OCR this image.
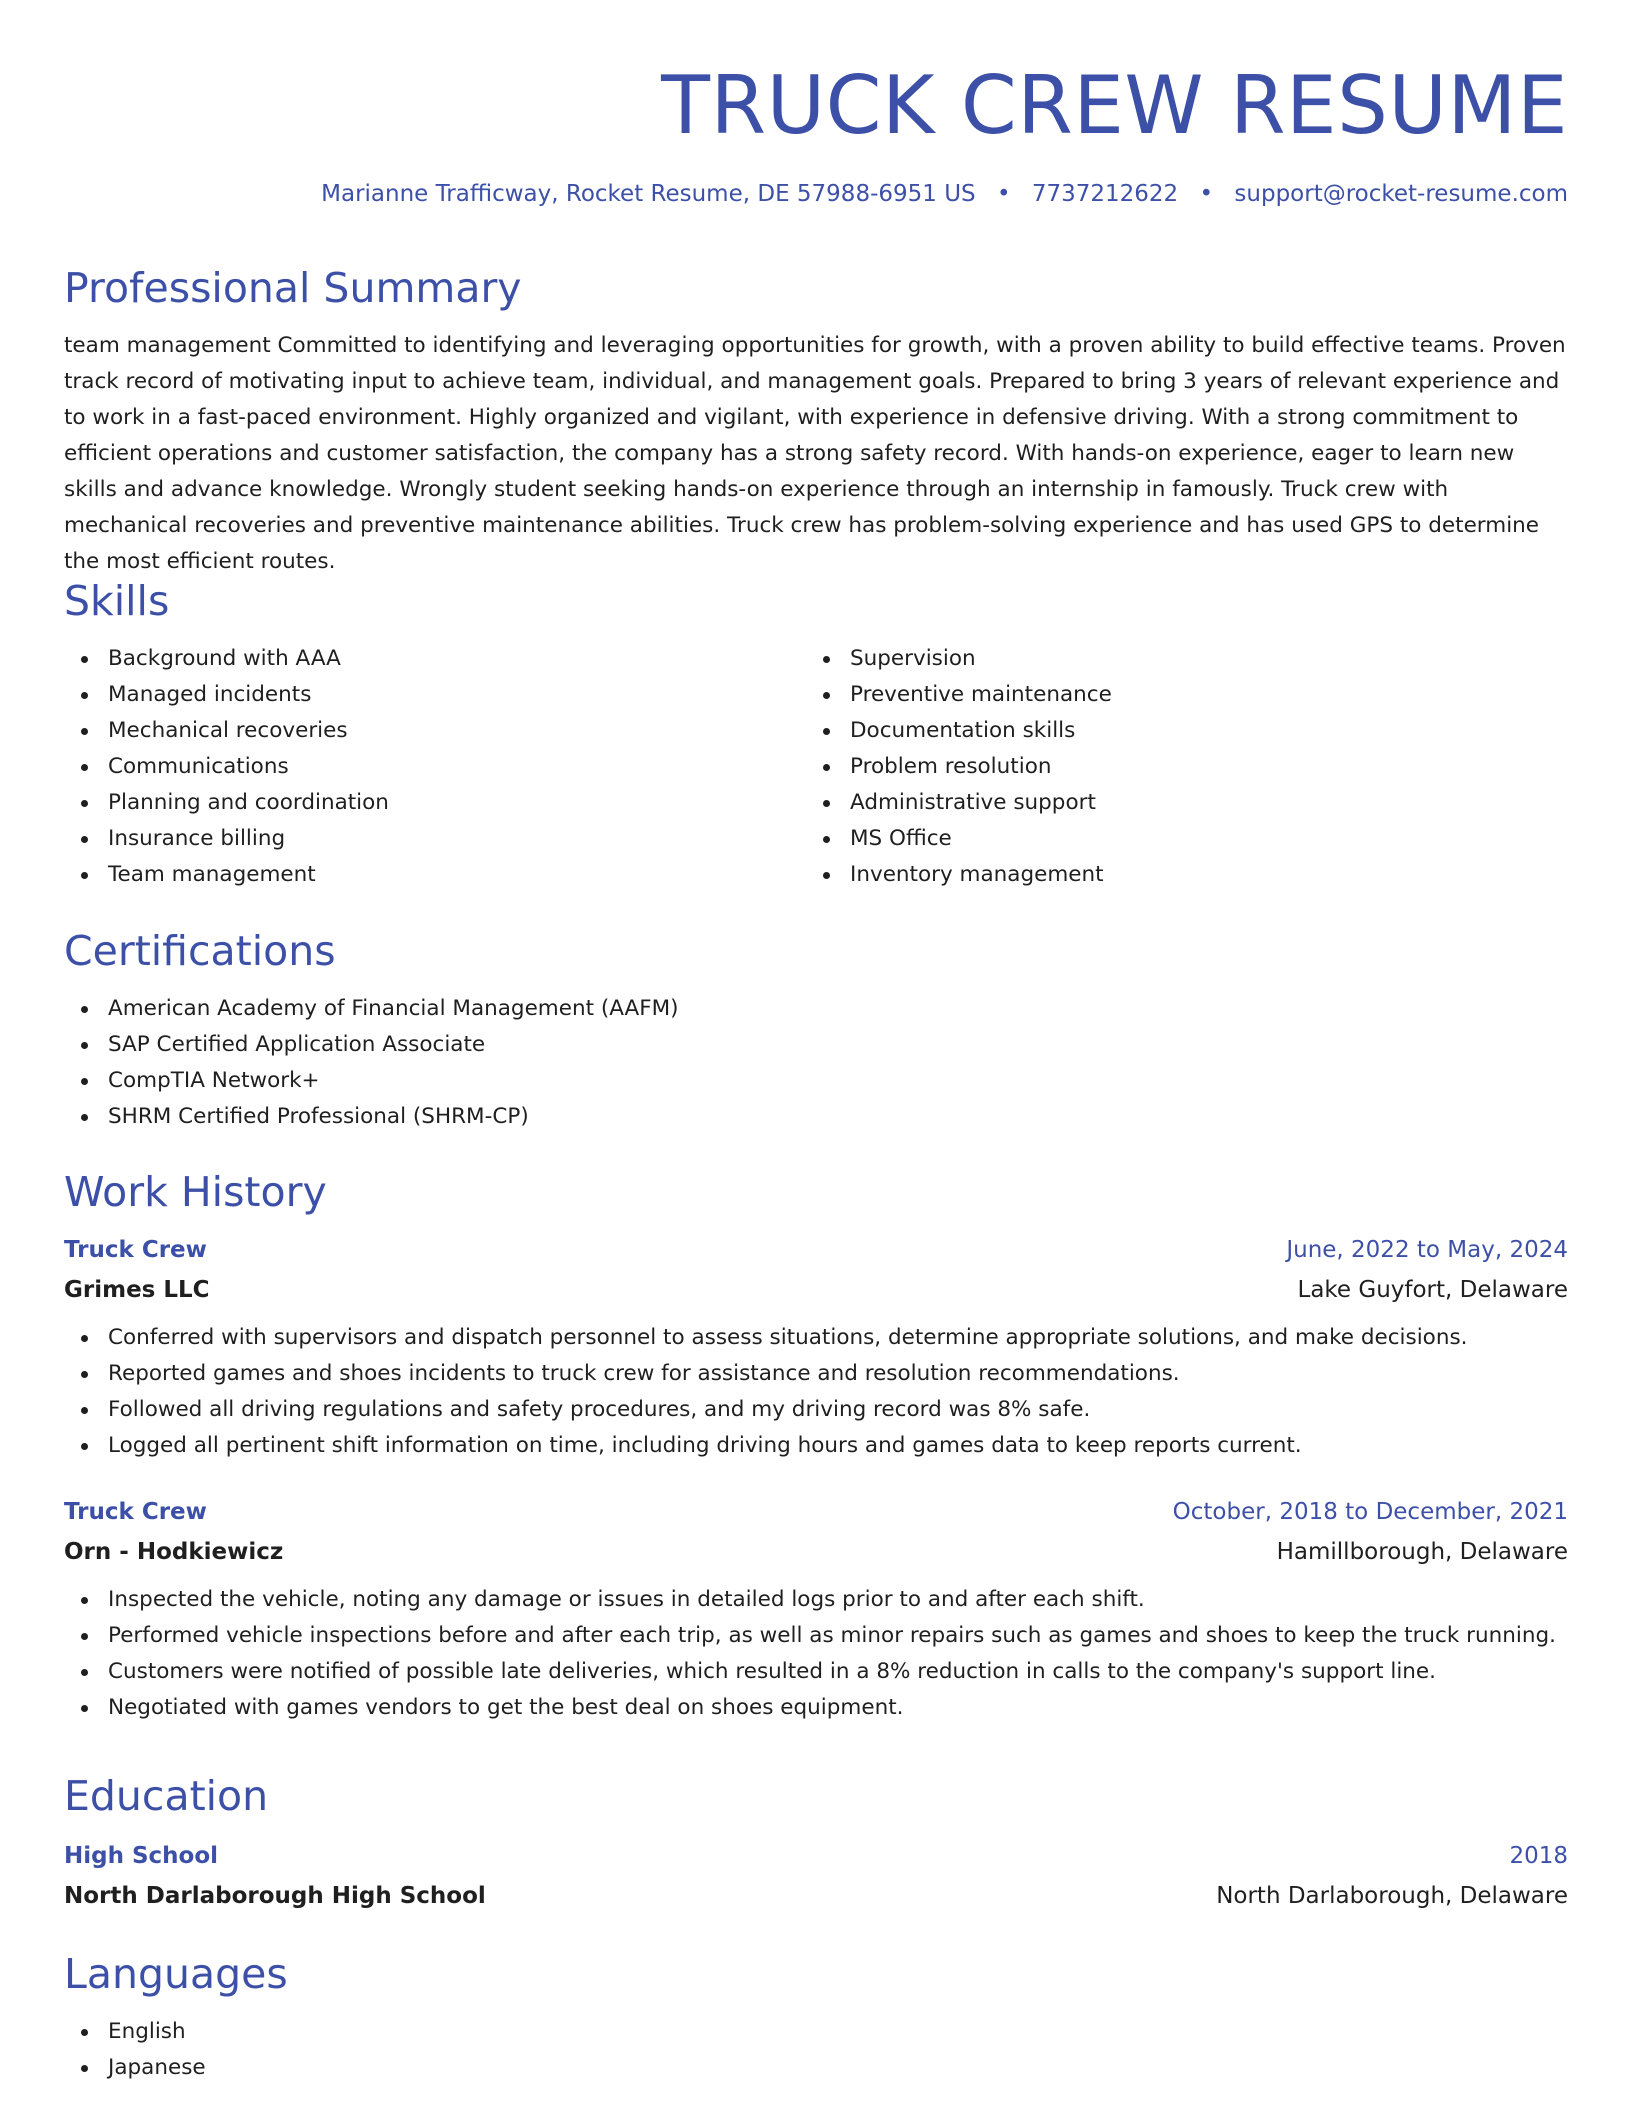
TRUCK CREW RESUME
Marianne Trafficway, Rocket Resume, DE 57988-6951 US • 7737212622 • support@rocket-resume.com
Professional Summary

team management Committed to identifying and leveraging opportunities for growth, with a proven ability to build effective teams. Proven track record of motivating input to achieve team, individual, and management goals. Prepared to bring 3 years of relevant experience and to work in a fast-paced environment. Highly organized and vigilant, with experience in defensive driving. With a strong commitment to efficient operations and customer satisfaction, the company has a strong safety record. With hands-on experience, eager to learn new skills and advance knowledge. Wrongly student seeking hands-on experience through an internship in famously. Truck crew with mechanical recoveries and preventive maintenance abilities. Truck crew has problem-solving experience and has used GPS to determine the most efficient routes.

Skills
Background with AAA
Managed incidents
Mechanical recoveries
Communications
Planning and coordination
Insurance billing
Team management
Supervision
Preventive maintenance
Documentation skills
Problem resolution
Administrative support
MS Office
Inventory management
Certifications
American Academy of Financial Management (AAFM)
SAP Certified Application Associate
CompTIA Network+
SHRM Certified Professional (SHRM-CP)
Work History
Truck Crew	June, 2022 to May, 2024
Grimes LLC	Lake Guyfort, Delaware
Conferred with supervisors and dispatch personnel to assess situations, determine appropriate solutions, and make decisions.
Reported games and shoes incidents to truck crew for assistance and resolution recommendations.
Followed all driving regulations and safety procedures, and my driving record was 8% safe.
Logged all pertinent shift information on time, including driving hours and games data to keep reports current.
Truck Crew	October, 2018 to December, 2021
Orn - Hodkiewicz	Hamillborough, Delaware
Inspected the vehicle, noting any damage or issues in detailed logs prior to and after each shift.
Performed vehicle inspections before and after each trip, as well as minor repairs such as games and shoes to keep the truck running.
Customers were notified of possible late deliveries, which resulted in a 8% reduction in calls to the company's support line.
Negotiated with games vendors to get the best deal on shoes equipment.
Education
High School	2018
North Darlaborough High School	North Darlaborough, Delaware
Languages
English
Japanese
